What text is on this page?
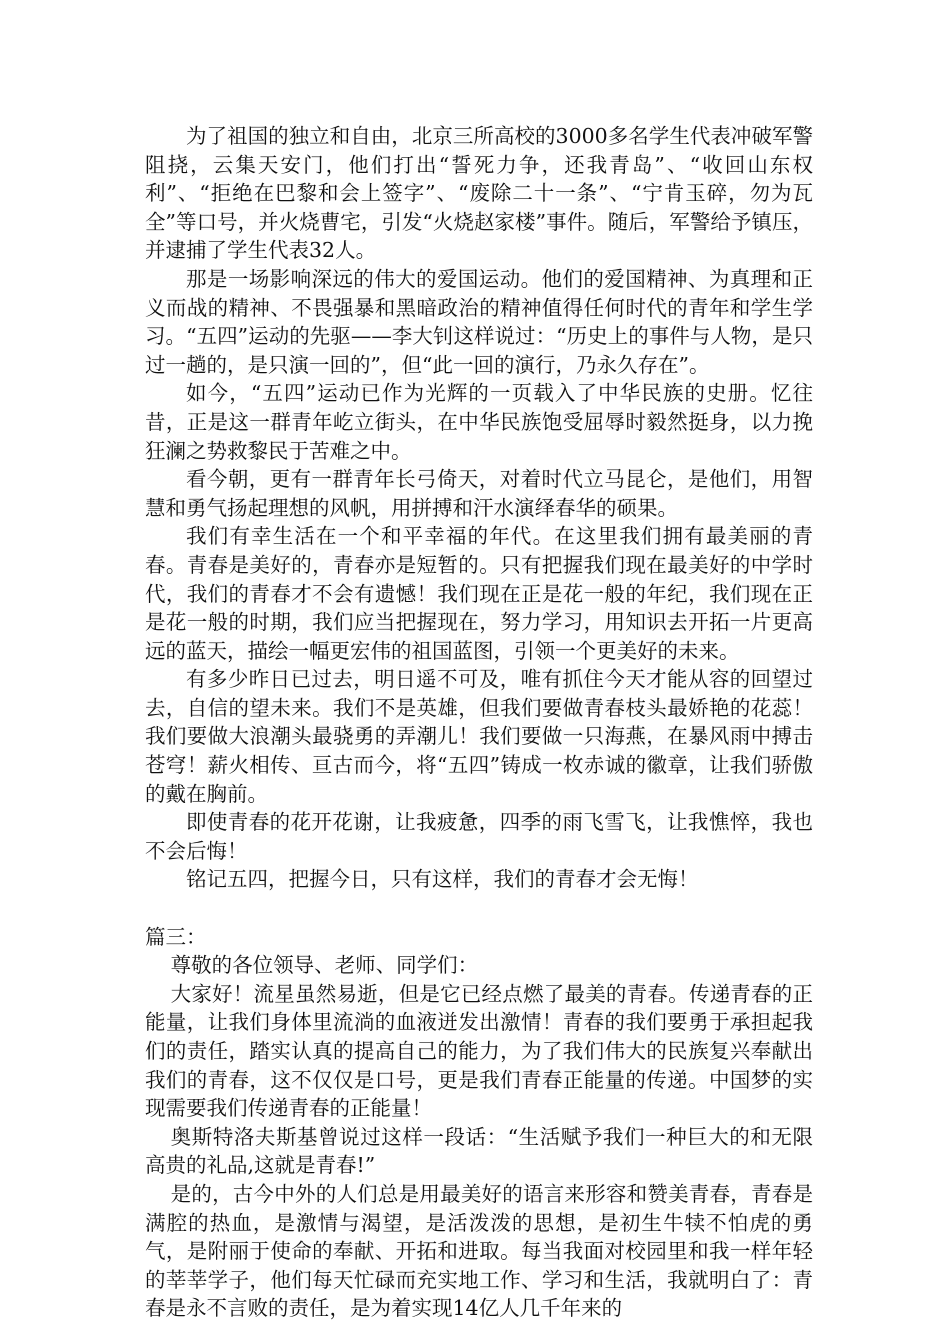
为了祖国的独立和自由，北京三所高校的3000多名学生代表冲破军警阻挠，云集天安门，他们打出“誓死力争，还我青岛”、“收回山东权利”、“拒绝在巴黎和会上签字”、“废除二十一条”、“宁肯玉碎，勿为瓦全”等口号，并火烧曹宅，引发“火烧赵家楼”事件。随后，军警给予镇压，并逮捕了学生代表32人。

那是一场影响深远的伟大的爱国运动。他们的爱国精神、为真理和正义而战的精神、不畏强暴和黑暗政治的精神值得任何时代的青年和学生学习。“五四”运动的先驱——李大钊这样说过：“历史上的事件与人物，是只过一趟的，是只演一回的”，但“此一回的演行，乃永久存在”。

如今，“五四”运动已作为光辉的一页载入了中华民族的史册。忆往昔，正是这一群青年屹立街头，在中华民族饱受屈辱时毅然挺身，以力挽狂澜之势救黎民于苦难之中。

看今朝，更有一群青年长弓倚天，对着时代立马昆仑，是他们，用智慧和勇气扬起理想的风帆，用拼搏和汗水演绎春华的硕果。

我们有幸生活在一个和平幸福的年代。在这里我们拥有最美丽的青春。青春是美好的，青春亦是短暂的。只有把握我们现在最美好的中学时代，我们的青春才不会有遗憾！我们现在正是花一般的年纪，我们现在正是花一般的时期，我们应当把握现在，努力学习，用知识去开拓一片更高远的蓝天，描绘一幅更宏伟的祖国蓝图，引领一个更美好的未来。

有多少昨日已过去，明日遥不可及，唯有抓住今天才能从容的回望过去，自信的望未来。我们不是英雄，但我们要做青春枝头最娇艳的花蕊！我们要做大浪潮头最骁勇的弄潮儿！我们要做一只海燕，在暴风雨中搏击苍穹！薪火相传、亘古而今，将“五四”铸成一枚赤诚的徽章，让我们骄傲的戴在胸前。

即使青春的花开花谢，让我疲惫，四季的雨飞雪飞，让我憔悴，我也不会后悔！

铭记五四，把握今日，只有这样，我们的青春才会无悔！

篇三：

尊敬的各位领导、老师、同学们：

大家好！流星虽然易逝，但是它已经点燃了最美的青春。传递青春的正能量，让我们身体里流淌的血液迸发出激情！青春的我们要勇于承担起我们的责任，踏实认真的提高自己的能力，为了我们伟大的民族复兴奉献出我们的青春，这不仅仅是口号，更是我们青春正能量的传递。中国梦的实现需要我们传递青春的正能量！

奥斯特洛夫斯基曾说过这样一段话：“生活赋予我们一种巨大的和无限高贵的礼品,这就是青春!”

是的，古今中外的人们总是用最美好的语言来形容和赞美青春，青春是满腔的热血，是激情与渴望，是活泼泼的思想，是初生牛犊不怕虎的勇气，是附丽于使命的奉献、开拓和进取。每当我面对校园里和我一样年轻的莘莘学子，他们每天忙碌而充实地工作、学习和生活，我就明白了：青春是永不言败的责任，是为着实现14亿人几千年来的
